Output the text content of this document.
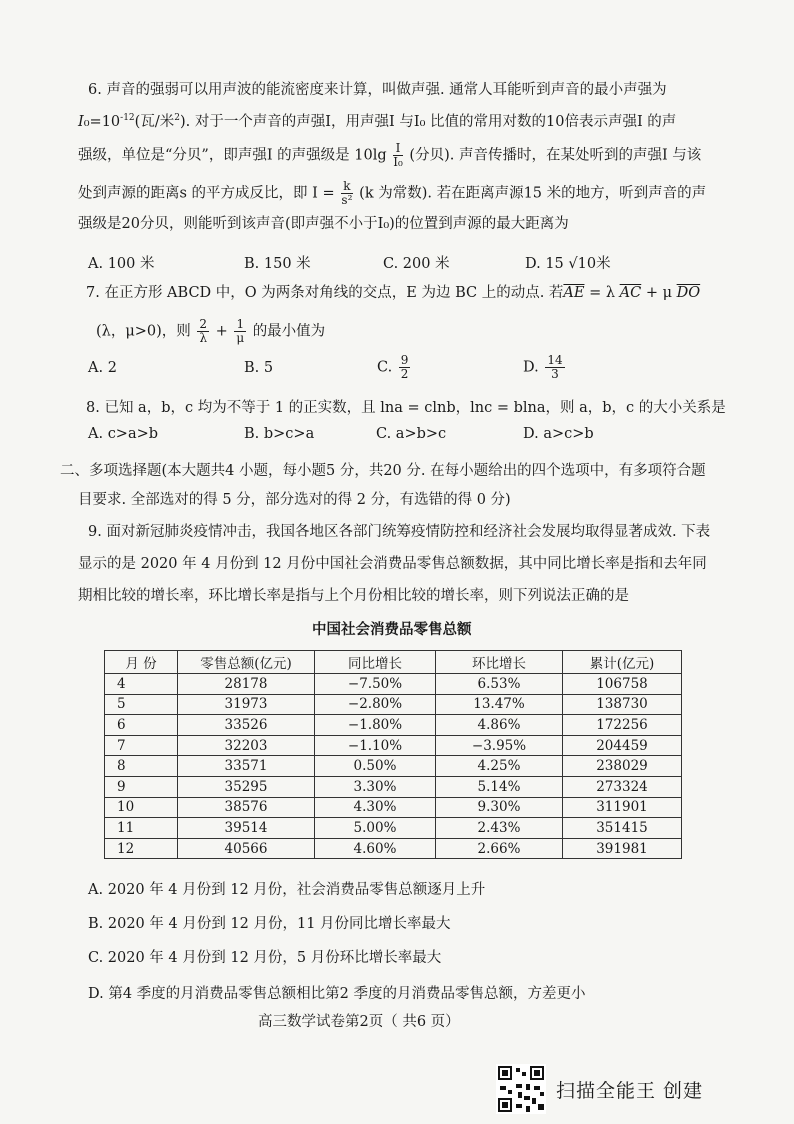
6. 声音的强弱可以用声波的能流密度来计算，叫做声强. 通常人耳能听到声音的最小声强为
$I_0=10^{-12}$(瓦/米$^2$). 对于一个声音的声强I，用声强I 与I₀ 比值的常用对数的10倍表示声强I 的声
强级，单位是“分贝”，即声强I 的声强级是 $10\lg \frac{I}{\text{I₀}}$ (分贝). 声音传播时，在某处听到的声强I 与该
处到声源的距离s 的平方成反比，即 $I = \frac{k}{\text{s²}} (k$ 为常数). 若在距离声源15 米的地方，听到声音的声
强级是20分贝，则能听到该声音(即声强不小于I₀)的位置到声源的最大距离为
A. 100 米	B. 150 米	C. 200 米	D. 15 √10米
7. 在正方形 ABCD 中，O 为两条对角线的交点，E 为边 BC 上的动点. 若$\overline{AE} = \lambda$ $\overline{AC} + \mu$ $\overline{DO}$
(λ，μ>0)，则 $\frac{2}{\lambda} + \frac{1}{\mu}$ 的最小值为
A. 2	B. 5	C. $\frac{9}{2}$	D. $\frac{14}{3}$
8. 已知 a，b，c 均为不等于 1 的正实数，且 lna = clnb，lnc = blna，则 a，b，c 的大小关系是
A. c>a>b	B. b>c>a	C. a>b>c	D. a>c>b
二、多项选择题(本大题共4 小题，每小题5 分，共20 分. 在每小题给出的四个选项中，有多项符合题
目要求. 全部选对的得 5 分，部分选对的得 2 分，有选错的得 0 分)
9. 面对新冠肺炎疫情冲击，我国各地区各部门统筹疫情防控和经济社会发展均取得显著成效. 下表
显示的是 2020 年 4 月份到 12 月份中国社会消费品零售总额数据，其中同比增长率是指和去年同
期相比较的增长率，环比增长率是指与上个月份相比较的增长率，则下列说法正确的是
中国社会消费品零售总额
月 份	零售总额(亿元)	同比增长	环比增长	累计(亿元)
4	28178	−7.50%	6.53%	106758
5	31973	−2.80%	13.47%	138730
6	33526	−1.80%	4.86%	172256
7	32203	−1.10%	−3.95%	204459
8	33571	0.50%	4.25%	238029
9	35295	3.30%	5.14%	273324
10	38576	4.30%	9.30%	311901
11	39514	5.00%	2.43%	351415
12	40566	4.60%	2.66%	391981
A. 2020 年 4 月份到 12 月份，社会消费品零售总额逐月上升
B. 2020 年 4 月份到 12 月份，11 月份同比增长率最大
C. 2020 年 4 月份到 12 月份，5 月份环比增长率最大
D. 第4 季度的月消费品零售总额相比第2 季度的月消费品零售总额，方差更小
高三数学试卷第2页（ 共6 页）
扫描全能王 创建
